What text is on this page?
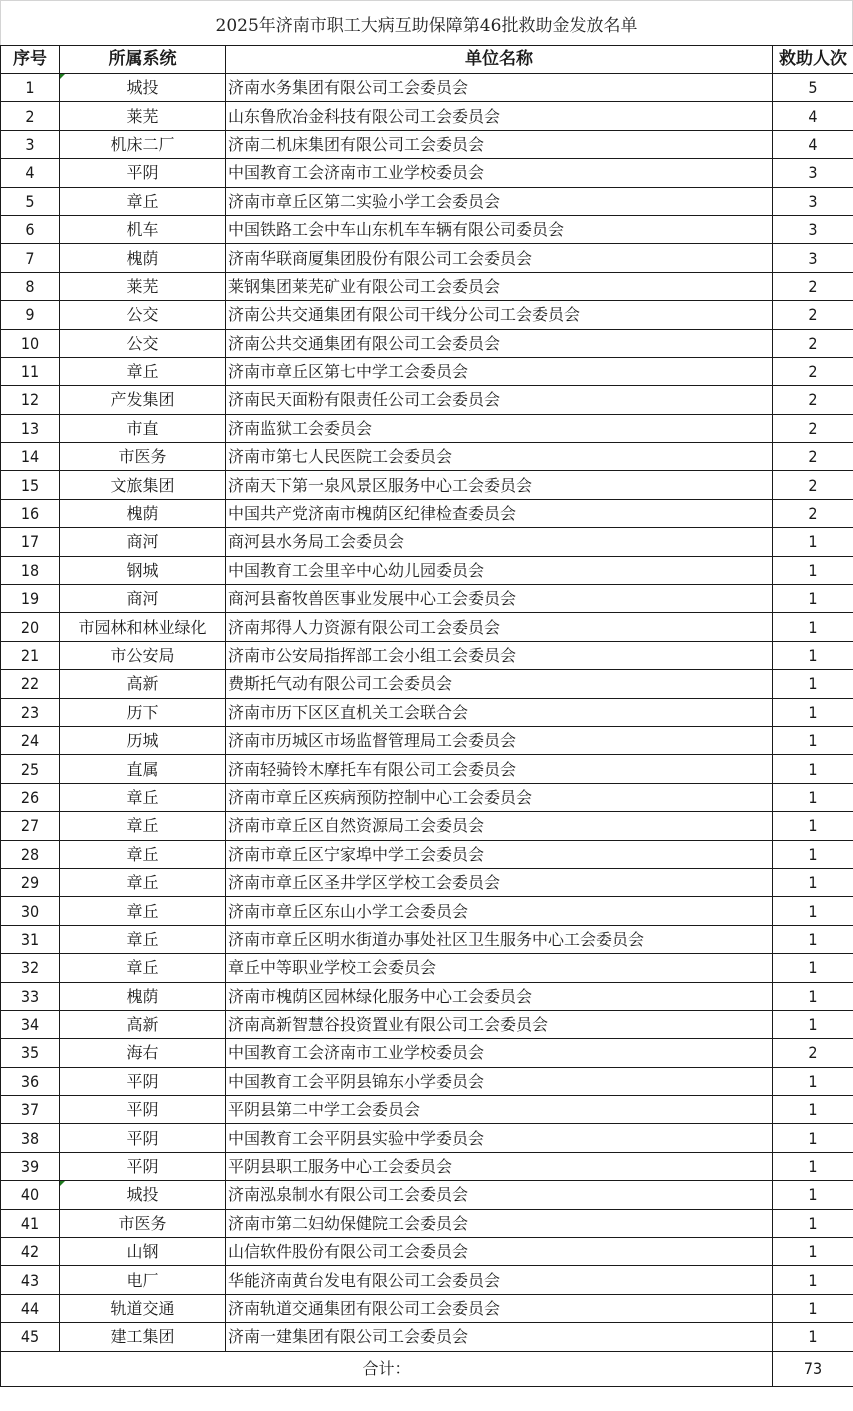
2025年济南市职工大病互助保障第46批救助金发放名单
序号	所属系统	单位名称	救助人次
1	城投	济南水务集团有限公司工会委员会	5
2	莱芜	山东鲁欣冶金科技有限公司工会委员会	4
3	机床二厂	济南二机床集团有限公司工会委员会	4
4	平阴	中国教育工会济南市工业学校委员会	3
5	章丘	济南市章丘区第二实验小学工会委员会	3
6	机车	中国铁路工会中车山东机车车辆有限公司委员会	3
7	槐荫	济南华联商厦集团股份有限公司工会委员会	3
8	莱芜	莱钢集团莱芜矿业有限公司工会委员会	2
9	公交	济南公共交通集团有限公司干线分公司工会委员会	2
10	公交	济南公共交通集团有限公司工会委员会	2
11	章丘	济南市章丘区第七中学工会委员会	2
12	产发集团	济南民天面粉有限责任公司工会委员会	2
13	市直	济南监狱工会委员会	2
14	市医务	济南市第七人民医院工会委员会	2
15	文旅集团	济南天下第一泉风景区服务中心工会委员会	2
16	槐荫	中国共产党济南市槐荫区纪律检查委员会	2
17	商河	商河县水务局工会委员会	1
18	钢城	中国教育工会里辛中心幼儿园委员会	1
19	商河	商河县畜牧兽医事业发展中心工会委员会	1
20	市园林和林业绿化	济南邦得人力资源有限公司工会委员会	1
21	市公安局	济南市公安局指挥部工会小组工会委员会	1
22	高新	费斯托气动有限公司工会委员会	1
23	历下	济南市历下区区直机关工会联合会	1
24	历城	济南市历城区市场监督管理局工会委员会	1
25	直属	济南轻骑铃木摩托车有限公司工会委员会	1
26	章丘	济南市章丘区疾病预防控制中心工会委员会	1
27	章丘	济南市章丘区自然资源局工会委员会	1
28	章丘	济南市章丘区宁家埠中学工会委员会	1
29	章丘	济南市章丘区圣井学区学校工会委员会	1
30	章丘	济南市章丘区东山小学工会委员会	1
31	章丘	济南市章丘区明水街道办事处社区卫生服务中心工会委员会	1
32	章丘	章丘中等职业学校工会委员会	1
33	槐荫	济南市槐荫区园林绿化服务中心工会委员会	1
34	高新	济南高新智慧谷投资置业有限公司工会委员会	1
35	海右	中国教育工会济南市工业学校委员会	2
36	平阴	中国教育工会平阴县锦东小学委员会	1
37	平阴	平阴县第二中学工会委员会	1
38	平阴	中国教育工会平阴县实验中学委员会	1
39	平阴	平阴县职工服务中心工会委员会	1
40	城投	济南泓泉制水有限公司工会委员会	1
41	市医务	济南市第二妇幼保健院工会委员会	1
42	山钢	山信软件股份有限公司工会委员会	1
43	电厂	华能济南黄台发电有限公司工会委员会	1
44	轨道交通	济南轨道交通集团有限公司工会委员会	1
45	建工集团	济南一建集团有限公司工会委员会	1
合计：			73
